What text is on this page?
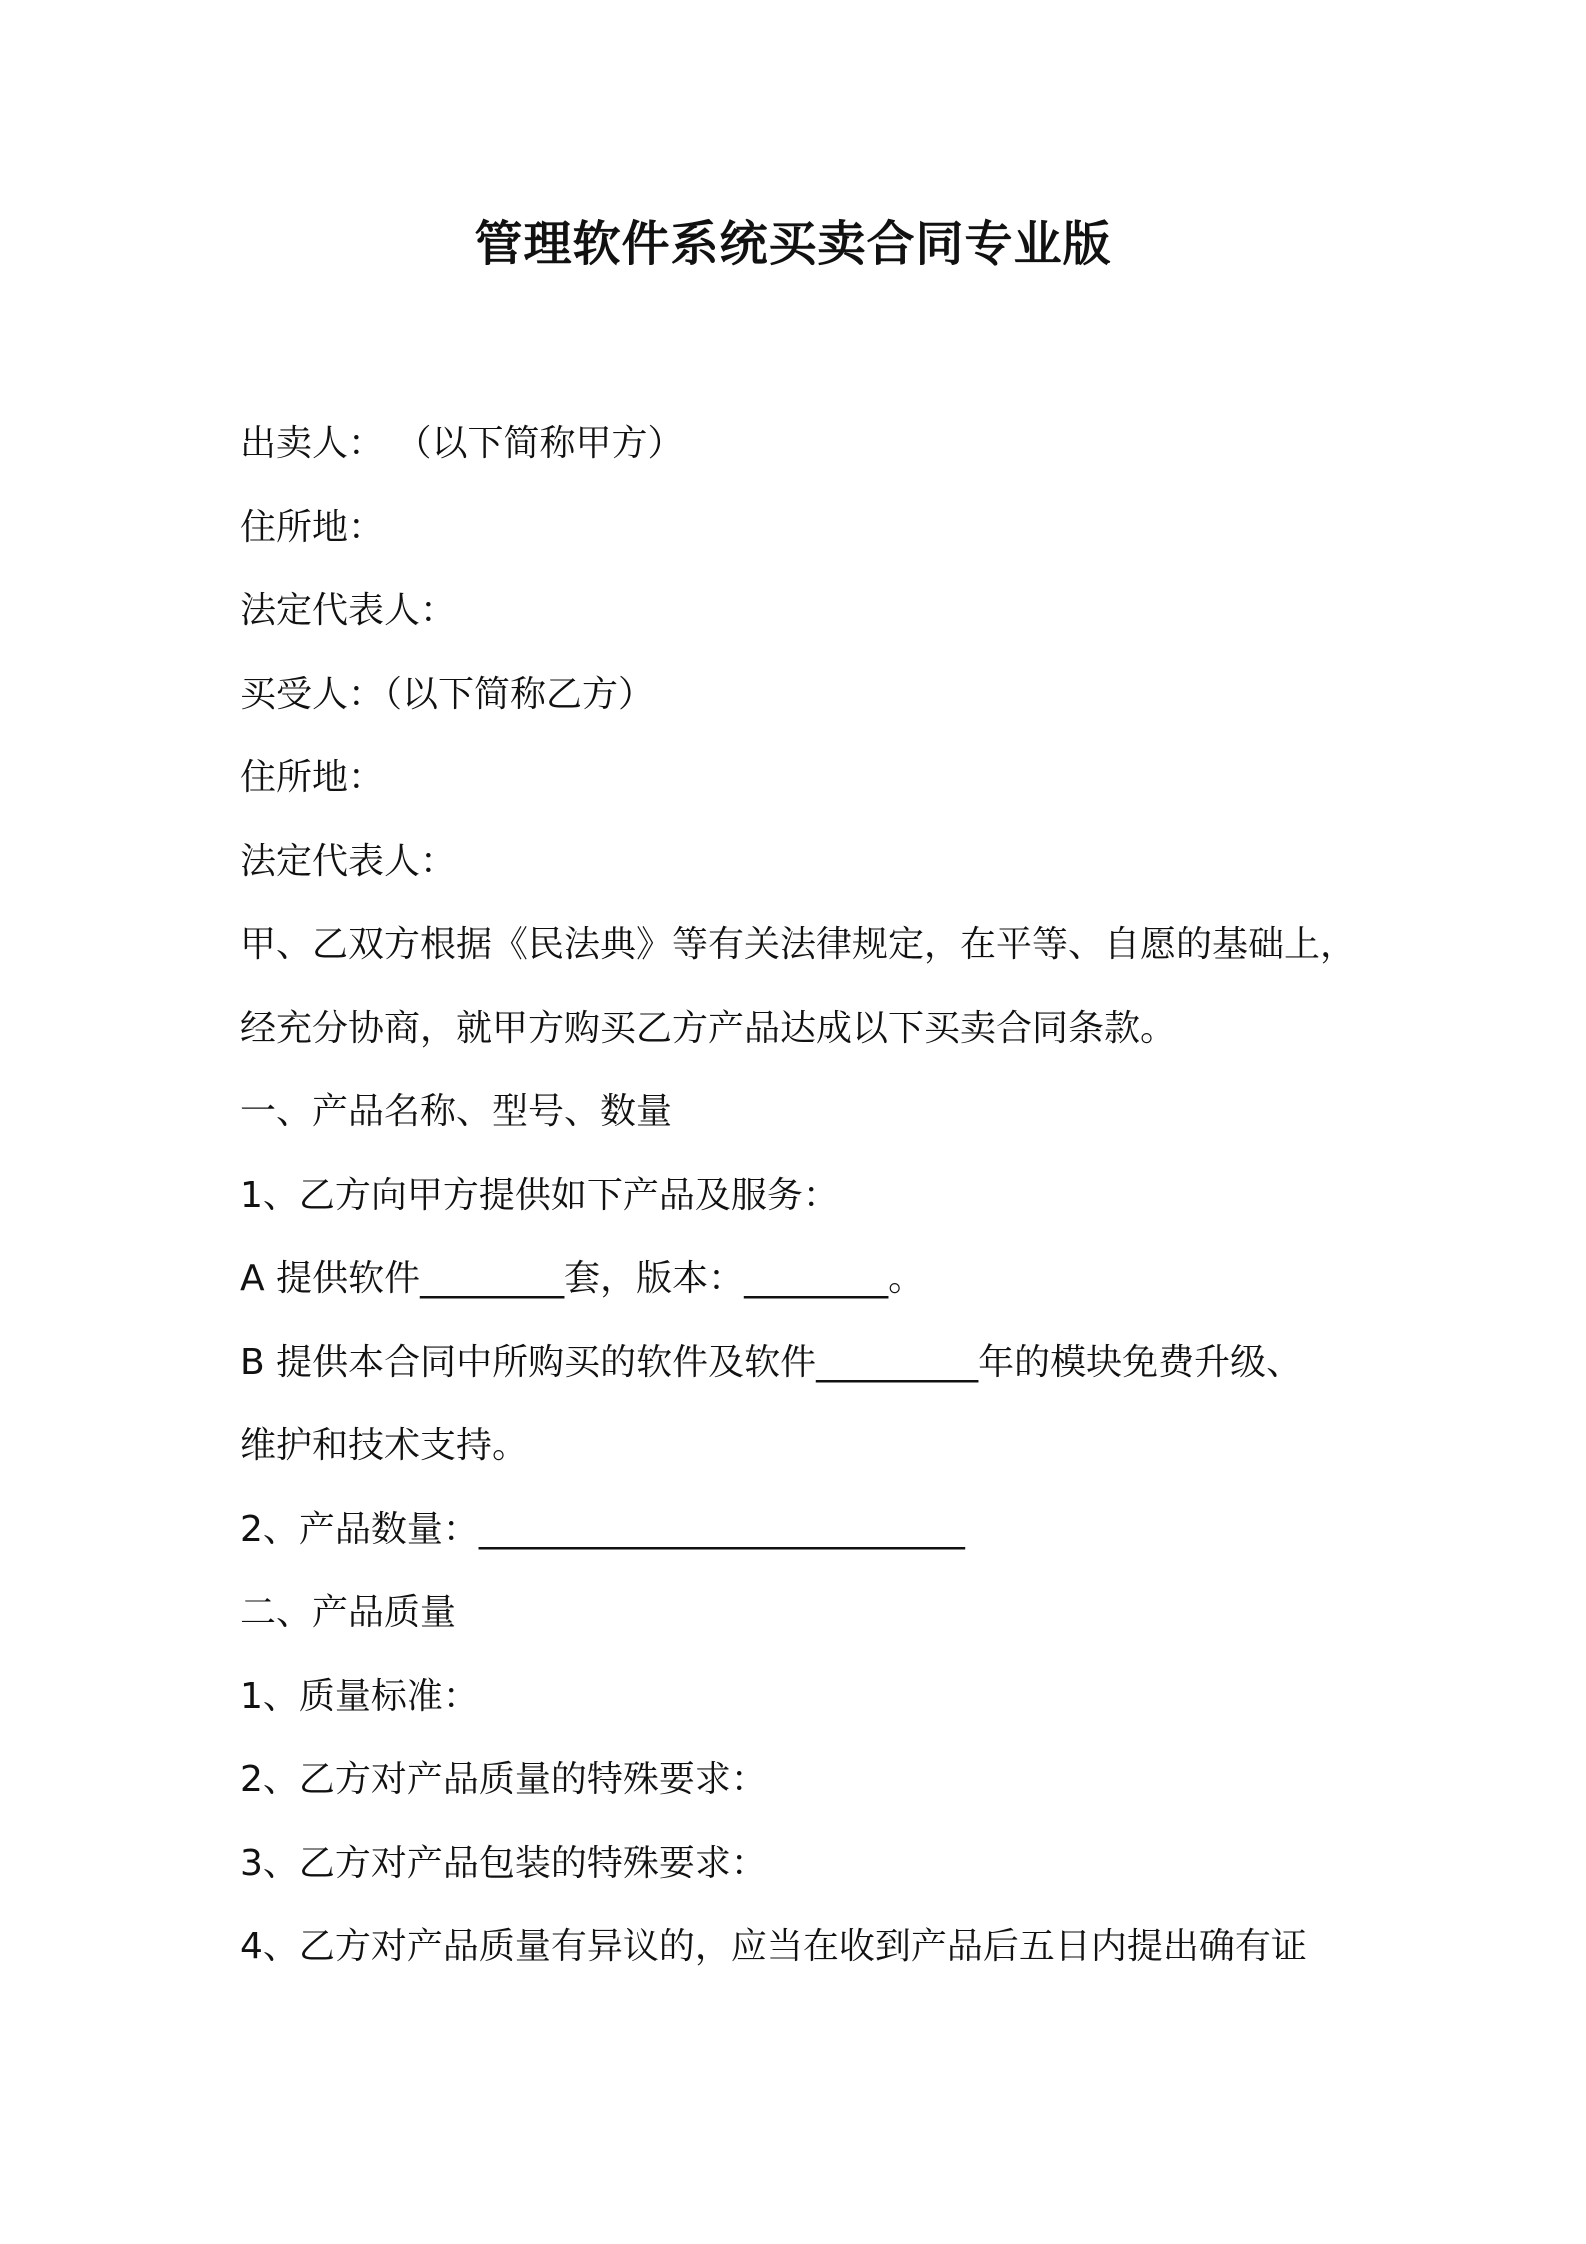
管理软件系统买卖合同专业版
出卖人： （以下简称甲方）
住所地：
法定代表人：
买受人：（以下简称乙方）
住所地：
法定代表人：
甲、乙双方根据《民法典》等有关法律规定，在平等、自愿的基础上，
经充分协商，就甲方购买乙方产品达成以下买卖合同条款。
一、产品名称、型号、数量
1、乙方向甲方提供如下产品及服务：
A 提供软件________套，版本：________。
B 提供本合同中所购买的软件及软件_________年的模块免费升级、
维护和技术支持。
2、产品数量：___________________________
二、产品质量
1、质量标准：
2、乙方对产品质量的特殊要求：
3、乙方对产品包装的特殊要求：
4、乙方对产品质量有异议的，应当在收到产品后五日内提出确有证
